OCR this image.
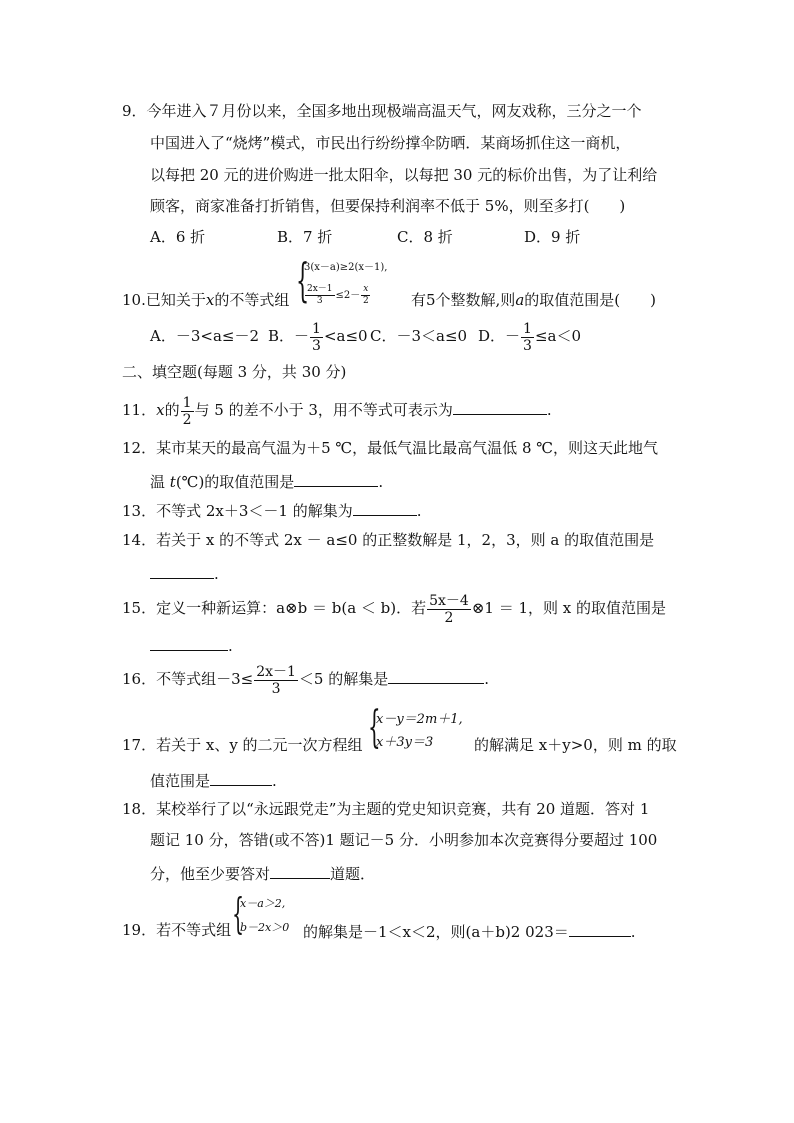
9．今年进入７月份以来，全国多地出现极端高温天气，网友戏称，三分之一个
中国进入了“烧烤”模式，市民出行纷纷撑伞防晒．某商场抓住这一商机，
以每把 20 元的进价购进一批太阳伞，以每把 30 元的标价出售，为了让利给
顾客，商家准备打折销售，但要保持利润率不低于 5%，则至多打(　　)
A．6 折	B．7 折	C．8 折	D．9 折
10.已知关于x的不等式组 {
3(x－a)≥2(x－1),
$\frac{2x-1}{3} \le 2- \frac{x}{2}$	有5个整数解,则a的取值范围是(　　)
A．－3<a≤－2 B．－ $\frac{1}{3} <a\le 0$ C．－3＜a≤0 D．－ $\frac{1}{3} \le a<0$
二、填空题(每题 3 分，共 30 分)
11．x的 $\frac{1}{2}$ 与 5 的差不小于 3，用不等式可表示为	.
12．某市某天的最高气温为＋5 ℃，最低气温比最高气温低 8 ℃，则这天此地气
温 t(℃)的取值范围是	.
13．不等式 2x＋3＜－1 的解集为	.
14．若关于 x 的不等式 2x － a≤0 的正整数解是 1，2，3，则 a 的取值范围是
.
15．定义一种新运算：a⊗b ＝ b(a ＜ b)．若 $\frac{5x-4}{2}$ ⊗1 ＝ 1，则 x 的取值范围是
.
16．不等式组$-3\le \frac{2x-1}{3} <5$ 的解集是	.
17．若关于 x、y 的二元一次方程组 {
x－y＝2m＋1,
x＋3y＝3	的解满足 x＋y>0，则 m 的取
值范围是	.
18．某校举行了以“永远跟党走”为主题的党史知识竞赛，共有 20 道题．答对 1
题记 10 分，答错(或不答)1 题记－5 分．小明参加本次竞赛得分要超过 100
分，他至少要答对	道题．
19．若不等式组 {
x－a＞2,
b－2x＞0 的解集是－1＜x＜2，则(a＋b)2 023＝	.
